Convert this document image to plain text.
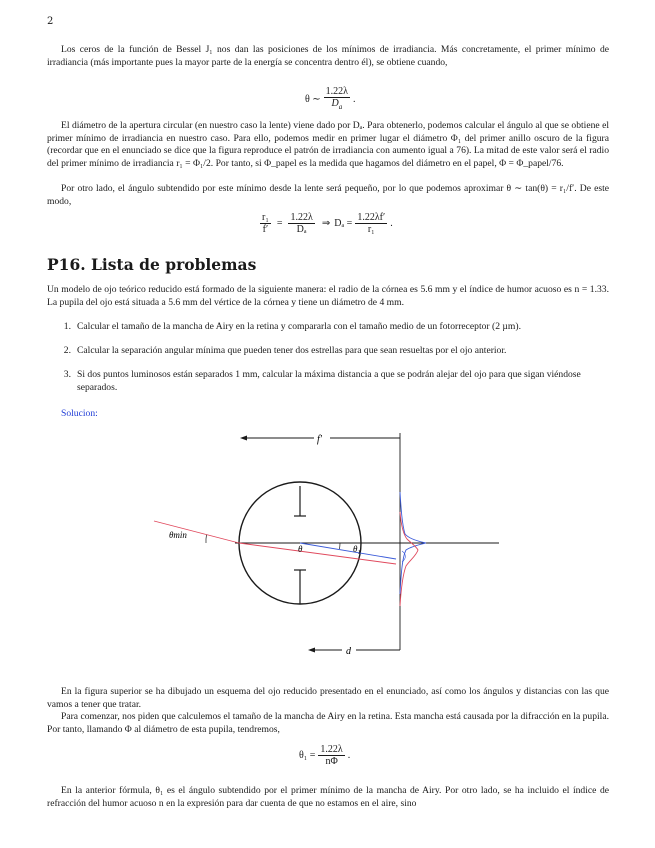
2
Los ceros de la función de Bessel J₁ nos dan las posiciones de los mínimos de irradiancia. Más concretamente, el primer mínimo de irradiancia (más importante pues la mayor parte de la energía se concentra dentro él), se obtiene cuando,
θ ∼ $\frac{1.22\lambda}{D_a}$ .
El diámetro de la apertura circular (en nuestro caso la lente) viene dado por Dₐ. Para obtenerlo, podemos calcular el ángulo al que se obtiene el primer mínimo de irradiancia en nuestro caso. Para ello, podemos medir en primer lugar el diámetro Φ₁ del primer anillo oscuro de la figura (recordar que en el enunciado se dice que la figura reproduce el patrón de irradiancia con aumento igual a 76). La mitad de este valor será el radio del primer mínimo de irradiancia r₁ = Φ₁/2. Por tanto, si Φ_papel es la medida que hagamos del diámetro en el papel, Φ = Φ_papel/76.
Por otro lado, el ángulo subtendido por este mínimo desde la lente será pequeño, por lo que podemos aproximar θ ∼ tan(θ) = r₁/f′. De este modo,
$\frac{\text{r₁}}{f'} = \frac{1.22\lambda}{\text{Dₐ}}$ ⇒ $D_a = \frac{1.22\lambda f'}{\text{r₁}}$ .
P16. Lista de problemas
Un modelo de ojo teórico reducido está formado de la siguiente manera: el radio de la córnea es 5.6 mm y el índice de humor acuoso es n = 1.33. La pupila del ojo está situada a 5.6 mm del vértice de la córnea y tiene un diámetro de 4 mm.
1. Calcular el tamaño de la mancha de Airy en la retina y compararla con el tamaño medio de un fotorreceptor (2 µm).
2. Calcular la separación angular mínima que pueden tener dos estrellas para que sean resueltas por el ojo anterior.
3. Si dos puntos luminosos están separados 1 mm, calcular la máxima distancia a que se podrán alejar del ojo para que sigan viéndose separados.
Solucion:
f′
θmin
θ	θ₁
d
En la figura superior se ha dibujado un esquema del ojo reducido presentado en el enunciado, así como los ángulos y distancias con las que vamos a tener que tratar.
Para comenzar, nos piden que calculemos el tamaño de la mancha de Airy en la retina. Esta mancha está causada por la difracción en la pupila. Por tanto, llamando Φ al diámetro de esta pupila, tendremos,
$\theta_1 = \frac{1.22\lambda}{n\Phi}$ .
En la anterior fórmula, θ₁ es el ángulo subtendido por el primer mínimo de la mancha de Airy. Por otro lado, se ha incluido el índice de refracción del humor acuoso n en la expresión para dar cuenta de que no estamos en el aire, sino
